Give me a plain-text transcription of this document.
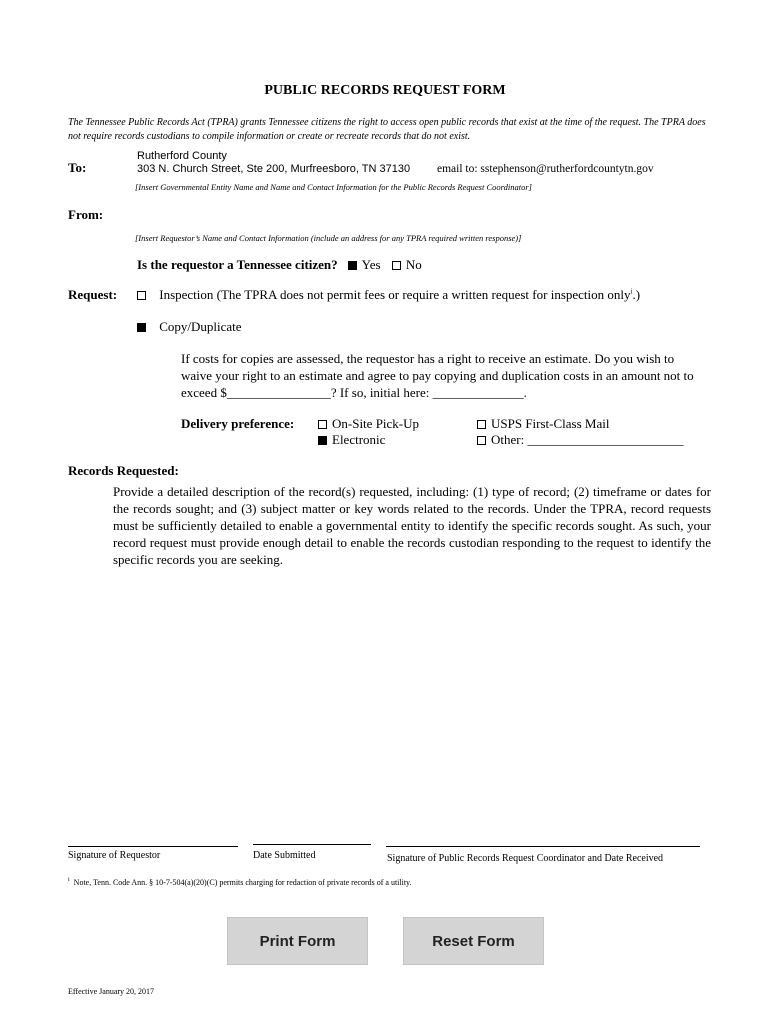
PUBLIC RECORDS REQUEST FORM
The Tennessee Public Records Act (TPRA) grants Tennessee citizens the right to access open public records that exist at the time of the request. The TPRA does not require records custodians to compile information or create or recreate records that do not exist.
To:
Rutherford County
303 N. Church Street, Ste 200, Murfreesboro, TN 37130 email to: sstephenson@rutherfordcountytn.gov
[Insert Governmental Entity Name and Name and Contact Information for the Public Records Request Coordinator]
From:
[Insert Requestor’s Name and Contact Information (include an address for any TPRA required written response)]
Is the requestor a Tennessee citizen? Yes No
Request:	Inspection (The TPRA does not permit fees or require a written request for inspection only$^i$.)
Copy/Duplicate
If costs for copies are assessed, the requestor has a right to receive an estimate. Do you wish to waive your right to an estimate and agree to pay copying and duplication costs in an amount not to exceed $________________? If so, initial here: ______________.
Delivery preference:	On-Site Pick-Up
Electronic
USPS First-Class Mail
Other: ________________________
Records Requested:
Provide a detailed description of the record(s) requested, including: (1) type of record; (2) timeframe or dates for the records sought; and (3) subject matter or key words related to the records. Under the TPRA, record requests must be sufficiently detailed to enable a governmental entity to identify the specific records sought. As such, your record request must provide enough detail to enable the records custodian responding to the request to identify the specific records you are seeking.
Signature of Requestor	Date Submitted	Signature of Public Records Request Coordinator and Date Received
$^i$ Note, Tenn. Code Ann. § 10-7-504(a)(20)(C) permits charging for redaction of private records of a utility.
Print Form	Reset Form
Effective January 20, 2017
